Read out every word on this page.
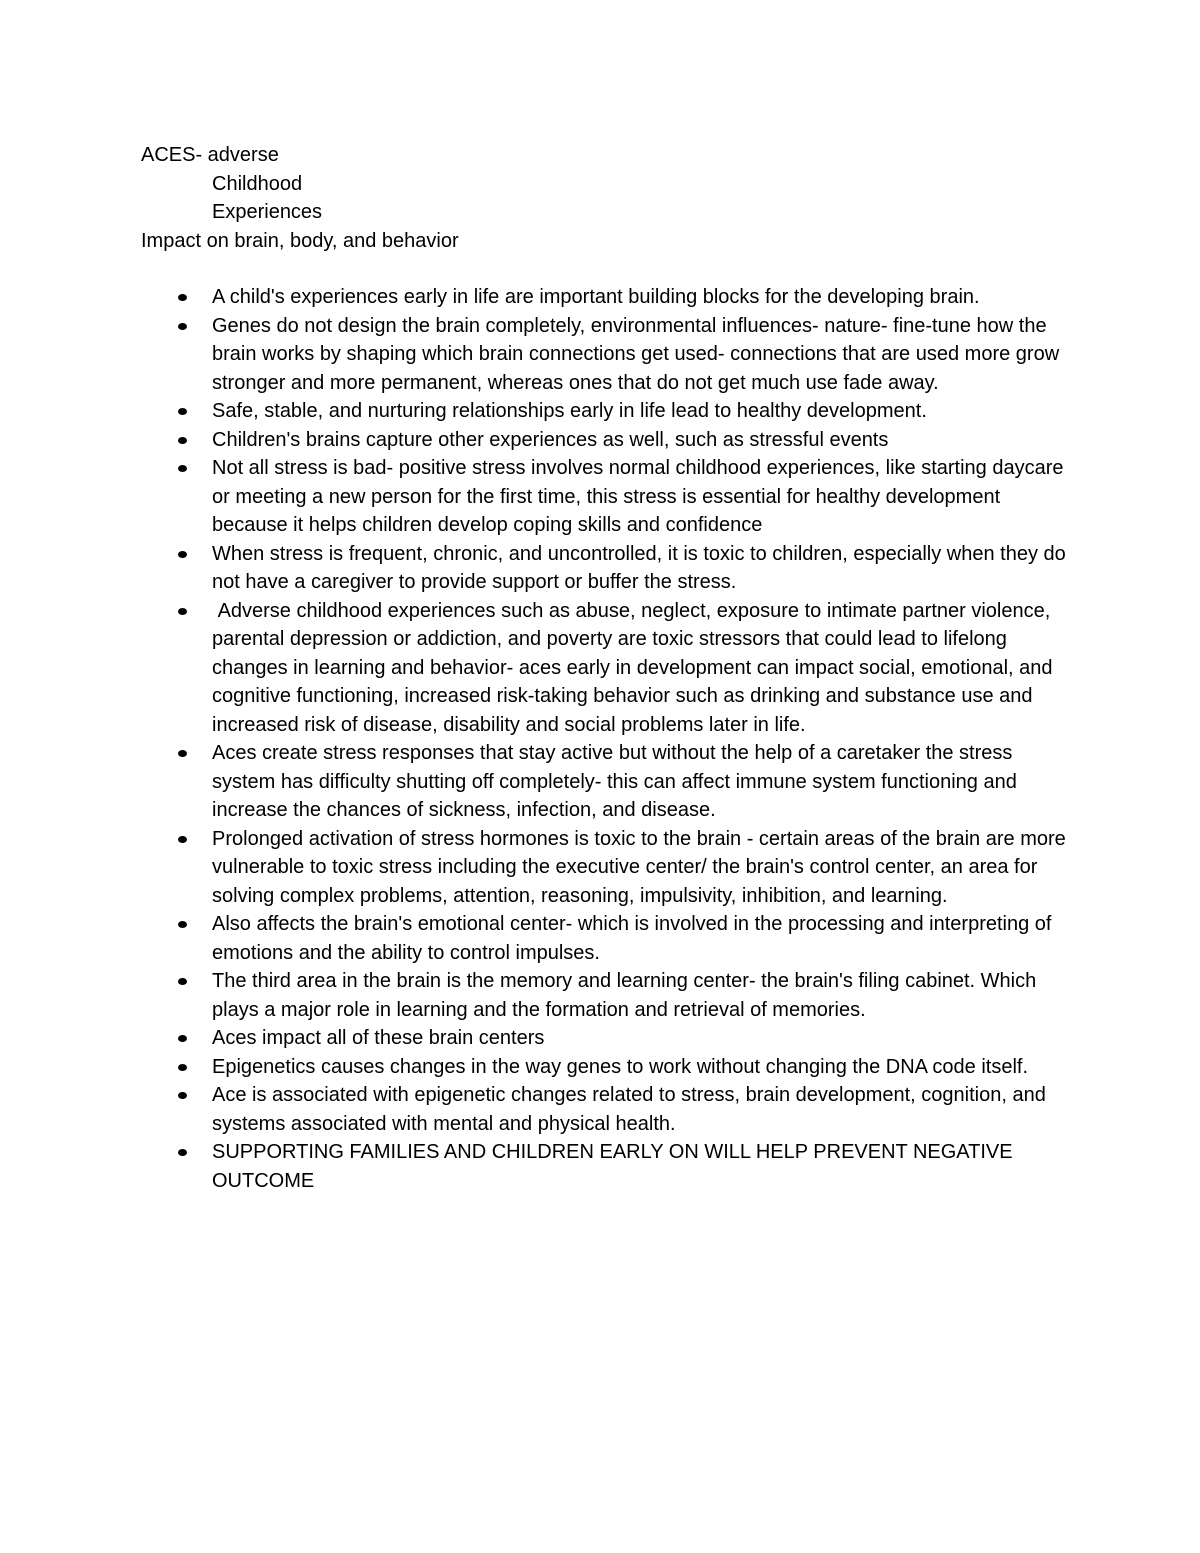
ACES- adverse
Childhood
Experiences
Impact on brain, body, and behavior
A child's experiences early in life are important building blocks for the developing brain.
Genes do not design the brain completely, environmental influences- nature- fine-tune how the brain works by shaping which brain connections get used- connections that are used more grow stronger and more permanent, whereas ones that do not get much use fade away.
Safe, stable, and nurturing relationships early in life lead to healthy development.
Children's brains capture other experiences as well, such as stressful events
Not all stress is bad- positive stress involves normal childhood experiences, like starting daycare or meeting a new person for the first time, this stress is essential for healthy development because it helps children develop coping skills and confidence
When stress is frequent, chronic, and uncontrolled, it is toxic to children, especially when they do not have a caregiver to provide support or buffer the stress.
Adverse childhood experiences such as abuse, neglect, exposure to intimate partner violence, parental depression or addiction, and poverty are toxic stressors that could lead to lifelong changes in learning and behavior- aces early in development can impact social, emotional, and cognitive functioning, increased risk-taking behavior such as drinking and substance use and increased risk of disease, disability and social problems later in life.
Aces create stress responses that stay active but without the help of a caretaker the stress system has difficulty shutting off completely- this can affect immune system functioning and increase the chances of sickness, infection, and disease.
Prolonged activation of stress hormones is toxic to the brain - certain areas of the brain are more vulnerable to toxic stress including the executive center/ the brain's control center, an area for solving complex problems, attention, reasoning, impulsivity, inhibition, and learning.
Also affects the brain's emotional center- which is involved in the processing and interpreting of emotions and the ability to control impulses.
The third area in the brain is the memory and learning center- the brain's filing cabinet. Which plays a major role in learning and the formation and retrieval of memories.
Aces impact all of these brain centers
Epigenetics causes changes in the way genes to work without changing the DNA code itself.
Ace is associated with epigenetic changes related to stress, brain development, cognition, and systems associated with mental and physical health.
SUPPORTING FAMILIES AND CHILDREN EARLY ON WILL HELP PREVENT NEGATIVE OUTCOME
